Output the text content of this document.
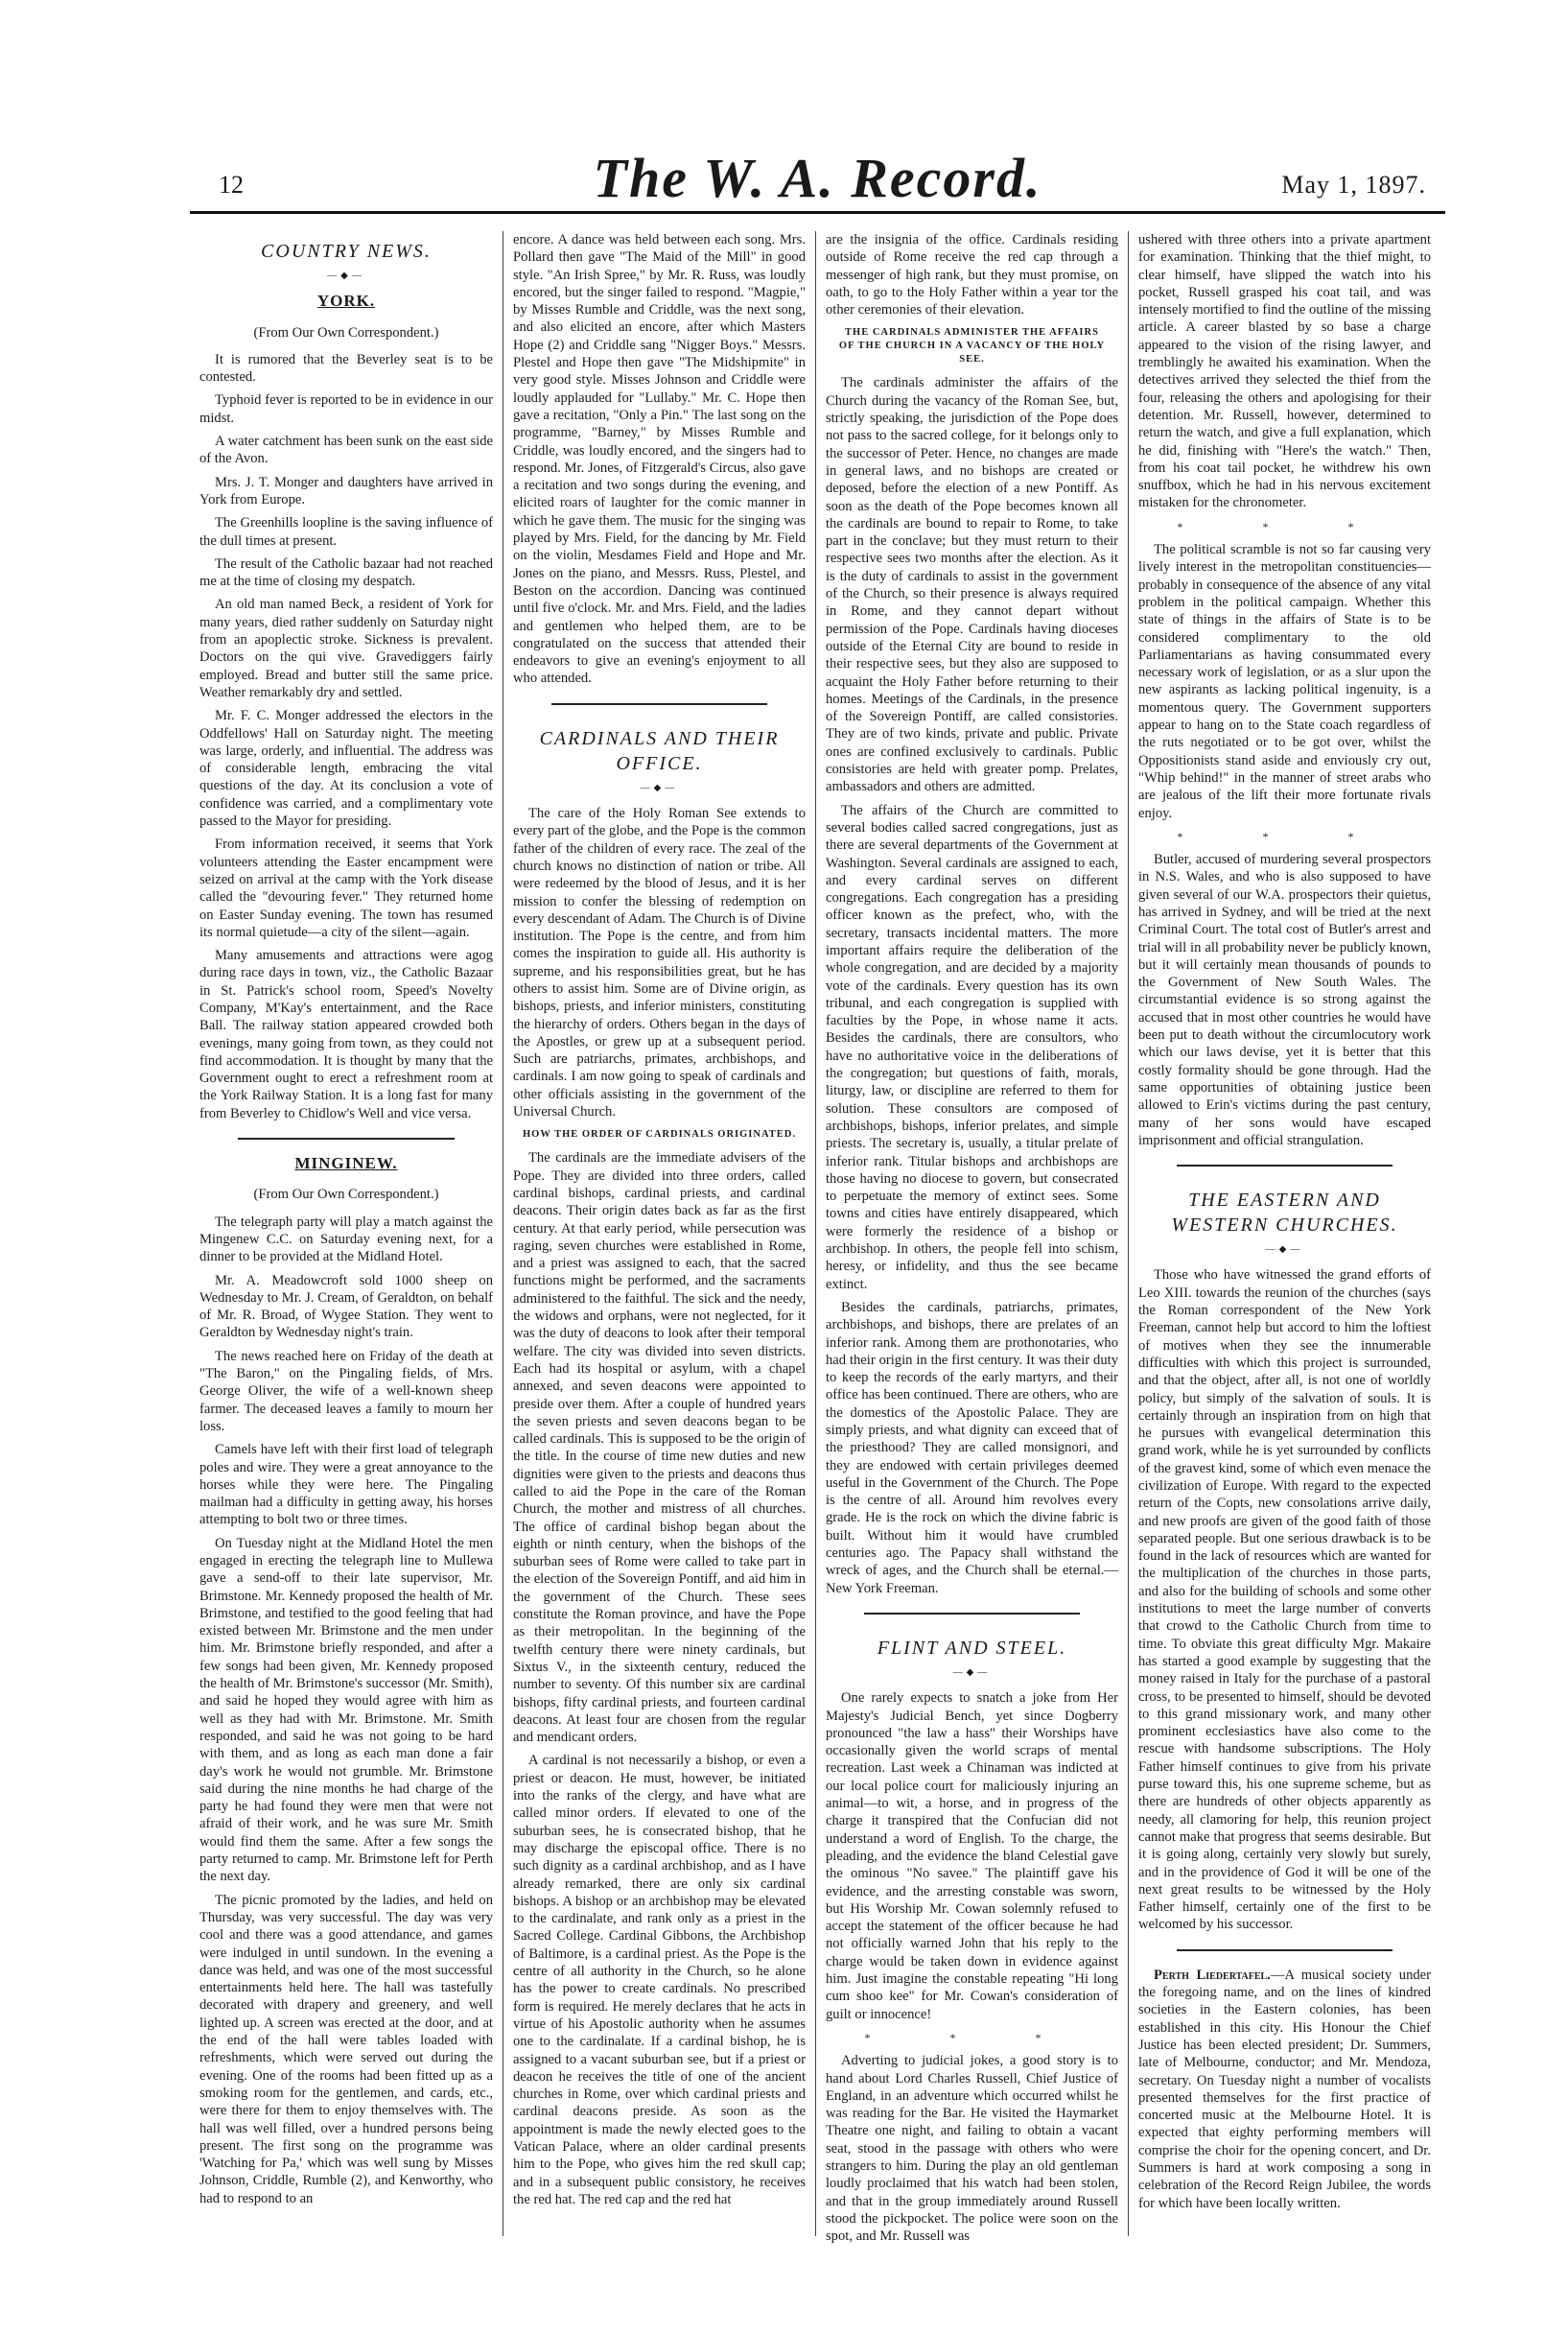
12	The W. A. Record.	May 1, 1897.
COUNTRY NEWS.
—◆—
YORK.
(From Our Own Correspondent.)

It is rumored that the Beverley seat is to be contested.

Typhoid fever is reported to be in evidence in our midst.

A water catchment has been sunk on the east side of the Avon.

Mrs. J. T. Monger and daughters have arrived in York from Europe.

The Greenhills loopline is the saving influence of the dull times at present.

The result of the Catholic bazaar had not reached me at the time of closing my despatch.

An old man named Beck, a resident of York for many years, died rather suddenly on Saturday night from an apoplectic stroke. Sickness is prevalent. Doctors on the qui vive. Gravediggers fairly employed. Bread and butter still the same price. Weather remarkably dry and settled.

Mr. F. C. Monger addressed the electors in the Oddfellows' Hall on Saturday night. The meeting was large, orderly, and influential. The address was of considerable length, embracing the vital questions of the day. At its conclusion a vote of confidence was carried, and a complimentary vote passed to the Mayor for presiding.

From information received, it seems that York volunteers attending the Easter encampment were seized on arrival at the camp with the York disease called the "devouring fever." They returned home on Easter Sunday evening. The town has resumed its normal quietude—a city of the silent—again.

Many amusements and attractions were agog during race days in town, viz., the Catholic Bazaar in St. Patrick's school room, Speed's Novelty Company, M'Kay's entertainment, and the Race Ball. The railway station appeared crowded both evenings, many going from town, as they could not find accommodation. It is thought by many that the Government ought to erect a refreshment room at the York Railway Station. It is a long fast for many from Beverley to Chidlow's Well and vice versa.

MINGINEW.
(From Our Own Correspondent.)

The telegraph party will play a match against the Mingenew C.C. on Saturday evening next, for a dinner to be provided at the Midland Hotel.

Mr. A. Meadowcroft sold 1000 sheep on Wednesday to Mr. J. Cream, of Geraldton, on behalf of Mr. R. Broad, of Wygee Station. They went to Geraldton by Wednesday night's train.

The news reached here on Friday of the death at "The Baron," on the Pingaling fields, of Mrs. George Oliver, the wife of a well-known sheep farmer. The deceased leaves a family to mourn her loss.

Camels have left with their first load of telegraph poles and wire. They were a great annoyance to the horses while they were here. The Pingaling mailman had a difficulty in getting away, his horses attempting to bolt two or three times.

On Tuesday night at the Midland Hotel the men engaged in erecting the telegraph line to Mullewa gave a send-off to their late supervisor, Mr. Brimstone. Mr. Kennedy proposed the health of Mr. Brimstone, and testified to the good feeling that had existed between Mr. Brimstone and the men under him. Mr. Brimstone briefly responded, and after a few songs had been given, Mr. Kennedy proposed the health of Mr. Brimstone's successor (Mr. Smith), and said he hoped they would agree with him as well as they had with Mr. Brimstone. Mr. Smith responded, and said he was not going to be hard with them, and as long as each man done a fair day's work he would not grumble. Mr. Brimstone said during the nine months he had charge of the party he had found they were men that were not afraid of their work, and he was sure Mr. Smith would find them the same. After a few songs the party returned to camp. Mr. Brimstone left for Perth the next day.

The picnic promoted by the ladies, and held on Thursday, was very successful. The day was very cool and there was a good attendance, and games were indulged in until sundown. In the evening a dance was held, and was one of the most successful entertainments held here. The hall was tastefully decorated with drapery and greenery, and well lighted up. A screen was erected at the door, and at the end of the hall were tables loaded with refreshments, which were served out during the evening. One of the rooms had been fitted up as a smoking room for the gentlemen, and cards, etc., were there for them to enjoy themselves with. The hall was well filled, over a hundred persons being present. The first song on the programme was 'Watching for Pa,' which was well sung by Misses Johnson, Criddle, Rumble (2), and Kenworthy, who had to respond to an

encore. A dance was held between each song. Mrs. Pollard then gave "The Maid of the Mill" in good style. "An Irish Spree," by Mr. R. Russ, was loudly encored, but the singer failed to respond. "Magpie," by Misses Rumble and Criddle, was the next song, and also elicited an encore, after which Masters Hope (2) and Criddle sang "Nigger Boys." Messrs. Plestel and Hope then gave "The Midshipmite" in very good style. Misses Johnson and Criddle were loudly applauded for "Lullaby." Mr. C. Hope then gave a recitation, "Only a Pin." The last song on the programme, "Barney," by Misses Rumble and Criddle, was loudly encored, and the singers had to respond. Mr. Jones, of Fitzgerald's Circus, also gave a recitation and two songs during the evening, and elicited roars of laughter for the comic manner in which he gave them. The music for the singing was played by Mrs. Field, for the dancing by Mr. Field on the violin, Mesdames Field and Hope and Mr. Jones on the piano, and Messrs. Russ, Plestel, and Beston on the accordion. Dancing was continued until five o'clock. Mr. and Mrs. Field, and the ladies and gentlemen who helped them, are to be congratulated on the success that attended their endeavors to give an evening's enjoyment to all who attended.

CARDINALS AND THEIR OFFICE.
—◆—

The care of the Holy Roman See extends to every part of the globe, and the Pope is the common father of the children of every race. The zeal of the church knows no distinction of nation or tribe. All were redeemed by the blood of Jesus, and it is her mission to confer the blessing of redemption on every descendant of Adam. The Church is of Divine institution. The Pope is the centre, and from him comes the inspiration to guide all. His authority is supreme, and his responsibilities great, but he has others to assist him. Some are of Divine origin, as bishops, priests, and inferior ministers, constituting the hierarchy of orders. Others began in the days of the Apostles, or grew up at a subsequent period. Such are patriarchs, primates, archbishops, and cardinals. I am now going to speak of cardinals and other officials assisting in the government of the Universal Church.

HOW THE ORDER OF CARDINALS ORIGINATED.

The cardinals are the immediate advisers of the Pope. They are divided into three orders, called cardinal bishops, cardinal priests, and cardinal deacons. Their origin dates back as far as the first century. At that early period, while persecution was raging, seven churches were established in Rome, and a priest was assigned to each, that the sacred functions might be performed, and the sacraments administered to the faithful. The sick and the needy, the widows and orphans, were not neglected, for it was the duty of deacons to look after their temporal welfare. The city was divided into seven districts. Each had its hospital or asylum, with a chapel annexed, and seven deacons were appointed to preside over them. After a couple of hundred years the seven priests and seven deacons began to be called cardinals. This is supposed to be the origin of the title. In the course of time new duties and new dignities were given to the priests and deacons thus called to aid the Pope in the care of the Roman Church, the mother and mistress of all churches. The office of cardinal bishop began about the eighth or ninth century, when the bishops of the suburban sees of Rome were called to take part in the election of the Sovereign Pontiff, and aid him in the government of the Church. These sees constitute the Roman province, and have the Pope as their metropolitan. In the beginning of the twelfth century there were ninety cardinals, but Sixtus V., in the sixteenth century, reduced the number to seventy. Of this number six are cardinal bishops, fifty cardinal priests, and fourteen cardinal deacons. At least four are chosen from the regular and mendicant orders.

A cardinal is not necessarily a bishop, or even a priest or deacon. He must, however, be initiated into the ranks of the clergy, and have what are called minor orders. If elevated to one of the suburban sees, he is consecrated bishop, that he may discharge the episcopal office. There is no such dignity as a cardinal archbishop, and as I have already remarked, there are only six cardinal bishops. A bishop or an archbishop may be elevated to the cardinalate, and rank only as a priest in the Sacred College. Cardinal Gibbons, the Archbishop of Baltimore, is a cardinal priest. As the Pope is the centre of all authority in the Church, so he alone has the power to create cardinals. No prescribed form is required. He merely declares that he acts in virtue of his Apostolic authority when he assumes one to the cardinalate. If a cardinal bishop, he is assigned to a vacant suburban see, but if a priest or deacon he receives the title of one of the ancient churches in Rome, over which cardinal priests and cardinal deacons preside. As soon as the appointment is made the newly elected goes to the Vatican Palace, where an older cardinal presents him to the Pope, who gives him the red skull cap; and in a subsequent public consistory, he receives the red hat. The red cap and the red hat

are the insignia of the office. Cardinals residing outside of Rome receive the red cap through a messenger of high rank, but they must promise, on oath, to go to the Holy Father within a year tor the other ceremonies of their elevation.

THE CARDINALS ADMINISTER THE AFFAIRS OF THE CHURCH IN A VACANCY OF THE HOLY SEE.

The cardinals administer the affairs of the Church during the vacancy of the Roman See, but, strictly speaking, the jurisdiction of the Pope does not pass to the sacred college, for it belongs only to the successor of Peter. Hence, no changes are made in general laws, and no bishops are created or deposed, before the election of a new Pontiff. As soon as the death of the Pope becomes known all the cardinals are bound to repair to Rome, to take part in the conclave; but they must return to their respective sees two months after the election. As it is the duty of cardinals to assist in the government of the Church, so their presence is always required in Rome, and they cannot depart without permission of the Pope. Cardinals having dioceses outside of the Eternal City are bound to reside in their respective sees, but they also are supposed to acquaint the Holy Father before returning to their homes. Meetings of the Cardinals, in the presence of the Sovereign Pontiff, are called consistories. They are of two kinds, private and public. Private ones are confined exclusively to cardinals. Public consistories are held with greater pomp. Prelates, ambassadors and others are admitted.

The affairs of the Church are committed to several bodies called sacred congregations, just as there are several departments of the Government at Washington. Several cardinals are assigned to each, and every cardinal serves on different congregations. Each congregation has a presiding officer known as the prefect, who, with the secretary, transacts incidental matters. The more important affairs require the deliberation of the whole congregation, and are decided by a majority vote of the cardinals. Every question has its own tribunal, and each congregation is supplied with faculties by the Pope, in whose name it acts. Besides the cardinals, there are consultors, who have no authoritative voice in the deliberations of the congregation; but questions of faith, morals, liturgy, law, or discipline are referred to them for solution. These consultors are composed of archbishops, bishops, inferior prelates, and simple priests. The secretary is, usually, a titular prelate of inferior rank. Titular bishops and archbishops are those having no diocese to govern, but consecrated to perpetuate the memory of extinct sees. Some towns and cities have entirely disappeared, which were formerly the residence of a bishop or archbishop. In others, the people fell into schism, heresy, or infidelity, and thus the see became extinct.

Besides the cardinals, patriarchs, primates, archbishops, and bishops, there are prelates of an inferior rank. Among them are prothonotaries, who had their origin in the first century. It was their duty to keep the records of the early martyrs, and their office has been continued. There are others, who are the domestics of the Apostolic Palace. They are simply priests, and what dignity can exceed that of the priesthood? They are called monsignori, and they are endowed with certain privileges deemed useful in the Government of the Church. The Pope is the centre of all. Around him revolves every grade. He is the rock on which the divine fabric is built. Without him it would have crumbled centuries ago. The Papacy shall withstand the wreck of ages, and the Church shall be eternal.—New York Freeman.

FLINT AND STEEL.
—◆—

One rarely expects to snatch a joke from Her Majesty's Judicial Bench, yet since Dogberry pronounced "the law a hass" their Worships have occasionally given the world scraps of mental recreation. Last week a Chinaman was indicted at our local police court for maliciously injuring an animal—to wit, a horse, and in progress of the charge it transpired that the Confucian did not understand a word of English. To the charge, the pleading, and the evidence the bland Celestial gave the ominous "No savee." The plaintiff gave his evidence, and the arresting constable was sworn, but His Worship Mr. Cowan solemnly refused to accept the statement of the officer because he had not officially warned John that his reply to the charge would be taken down in evidence against him. Just imagine the constable repeating "Hi long cum shoo kee" for Mr. Cowan's consideration of guilt or innocence!

* * *

Adverting to judicial jokes, a good story is to hand about Lord Charles Russell, Chief Justice of England, in an adventure which occurred whilst he was reading for the Bar. He visited the Haymarket Theatre one night, and failing to obtain a vacant seat, stood in the passage with others who were strangers to him. During the play an old gentleman loudly proclaimed that his watch had been stolen, and that in the group immediately around Russell stood the pickpocket. The police were soon on the spot, and Mr. Russell was

ushered with three others into a private apartment for examination. Thinking that the thief might, to clear himself, have slipped the watch into his pocket, Russell grasped his coat tail, and was intensely mortified to find the outline of the missing article. A career blasted by so base a charge appeared to the vision of the rising lawyer, and tremblingly he awaited his examination. When the detectives arrived they selected the thief from the four, releasing the others and apologising for their detention. Mr. Russell, however, determined to return the watch, and give a full explanation, which he did, finishing with "Here's the watch." Then, from his coat tail pocket, he withdrew his own snuffbox, which he had in his nervous excitement mistaken for the chronometer.

* * *

The political scramble is not so far causing very lively interest in the metropolitan constituencies—probably in consequence of the absence of any vital problem in the political campaign. Whether this state of things in the affairs of State is to be considered complimentary to the old Parliamentarians as having consummated every necessary work of legislation, or as a slur upon the new aspirants as lacking political ingenuity, is a momentous query. The Government supporters appear to hang on to the State coach regardless of the ruts negotiated or to be got over, whilst the Oppositionists stand aside and enviously cry out, "Whip behind!" in the manner of street arabs who are jealous of the lift their more fortunate rivals enjoy.

* * *

Butler, accused of murdering several prospectors in N.S. Wales, and who is also supposed to have given several of our W.A. prospectors their quietus, has arrived in Sydney, and will be tried at the next Criminal Court. The total cost of Butler's arrest and trial will in all probability never be publicly known, but it will certainly mean thousands of pounds to the Government of New South Wales. The circumstantial evidence is so strong against the accused that in most other countries he would have been put to death without the circumlocutory work which our laws devise, yet it is better that this costly formality should be gone through. Had the same opportunities of obtaining justice been allowed to Erin's victims during the past century, many of her sons would have escaped imprisonment and official strangulation.

THE EASTERN AND WESTERN CHURCHES.
—◆—

Those who have witnessed the grand efforts of Leo XIII. towards the reunion of the churches (says the Roman correspondent of the New York Freeman, cannot help but accord to him the loftiest of motives when they see the innumerable difficulties with which this project is surrounded, and that the object, after all, is not one of worldly policy, but simply of the salvation of souls. It is certainly through an inspiration from on high that he pursues with evangelical determination this grand work, while he is yet surrounded by conflicts of the gravest kind, some of which even menace the civilization of Europe. With regard to the expected return of the Copts, new consolations arrive daily, and new proofs are given of the good faith of those separated people. But one serious drawback is to be found in the lack of resources which are wanted for the multiplication of the churches in those parts, and also for the building of schools and some other institutions to meet the large number of converts that crowd to the Catholic Church from time to time. To obviate this great difficulty Mgr. Makaire has started a good example by suggesting that the money raised in Italy for the purchase of a pastoral cross, to be presented to himself, should be devoted to this grand missionary work, and many other prominent ecclesiastics have also come to the rescue with handsome subscriptions. The Holy Father himself continues to give from his private purse toward this, his one supreme scheme, but as there are hundreds of other objects apparently as needy, all clamoring for help, this reunion project cannot make that progress that seems desirable. But it is going along, certainly very slowly but surely, and in the providence of God it will be one of the next great results to be witnessed by the Holy Father himself, certainly one of the first to be welcomed by his successor.

Perth Liedertafel.—A musical society under the foregoing name, and on the lines of kindred societies in the Eastern colonies, has been established in this city. His Honour the Chief Justice has been elected president; Dr. Summers, late of Melbourne, conductor; and Mr. Mendoza, secretary. On Tuesday night a number of vocalists presented themselves for the first practice of concerted music at the Melbourne Hotel. It is expected that eighty performing members will comprise the choir for the opening concert, and Dr. Summers is hard at work composing a song in celebration of the Record Reign Jubilee, the words for which have been locally written.
